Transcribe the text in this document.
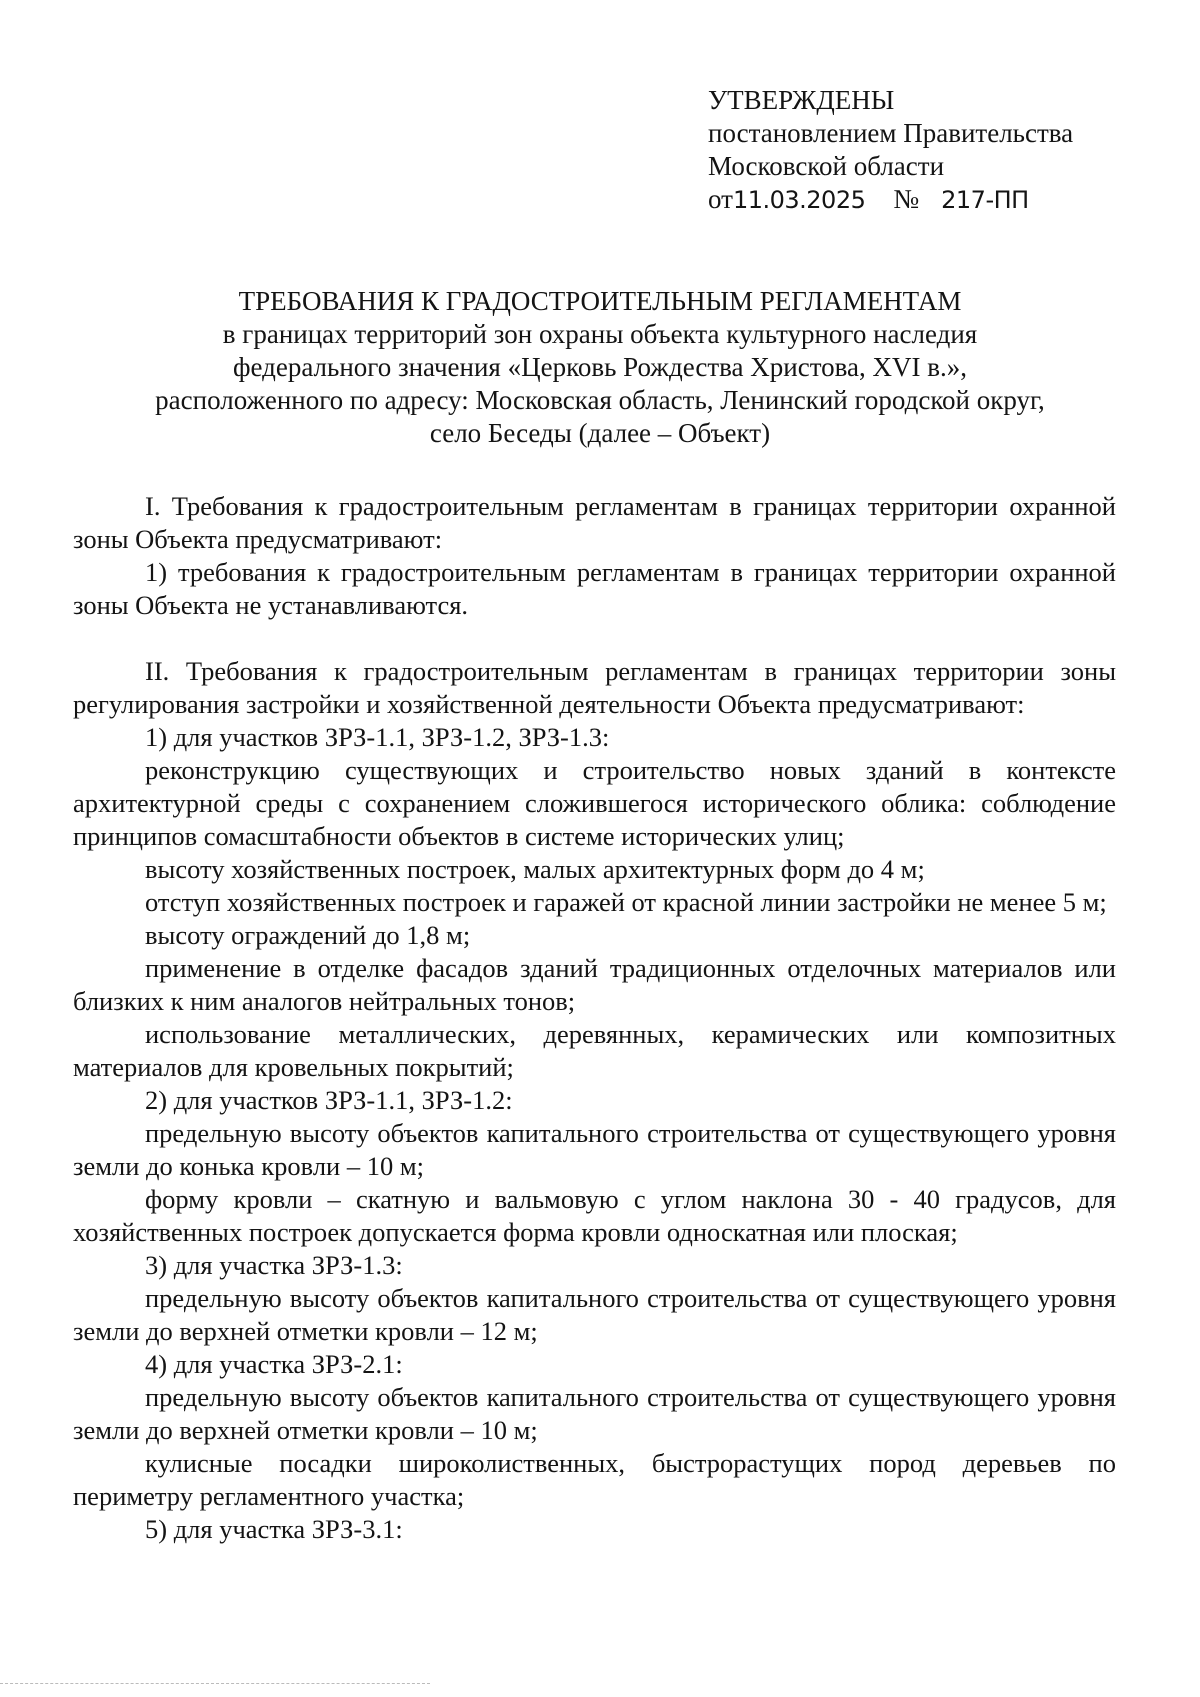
УТВЕРЖДЕНЫ
постановлением Правительства
Московской области
от11.03.2025 № 217-ПП
ТРЕБОВАНИЯ К ГРАДОСТРОИТЕЛЬНЫМ РЕГЛАМЕНТАМ
в границах территорий зон охраны объекта культурного наследия
федерального значения «Церковь Рождества Христова, XVI в.»,
расположенного по адресу: Московская область, Ленинский городской округ,
село Беседы (далее – Объект)

I. Требования к градостроительным регламентам в границах территории охранной зоны Объекта предусматривают:

1) требования к градостроительным регламентам в границах территории охранной зоны Объекта не устанавливаются.

II. Требования к градостроительным регламентам в границах территории зоны регулирования застройки и хозяйственной деятельности Объекта предусматривают:

1) для участков ЗРЗ-1.1, ЗРЗ-1.2, ЗРЗ-1.3:

реконструкцию существующих и строительство новых зданий в контексте архитектурной среды с сохранением сложившегося исторического облика: соблюдение принципов сомасштабности объектов в системе исторических улиц;

высоту хозяйственных построек, малых архитектурных форм до 4 м;

отступ хозяйственных построек и гаражей от красной линии застройки не менее 5 м;

высоту ограждений до 1,8 м;

применение в отделке фасадов зданий традиционных отделочных материалов или близких к ним аналогов нейтральных тонов;

использование металлических, деревянных, керамических или композитных материалов для кровельных покрытий;

2) для участков ЗРЗ-1.1, ЗРЗ-1.2:

предельную высоту объектов капитального строительства от существующего уровня земли до конька кровли – 10 м;

форму кровли – скатную и вальмовую с углом наклона 30 - 40 градусов, для хозяйственных построек допускается форма кровли односкатная или плоская;

3) для участка ЗРЗ-1.3:

предельную высоту объектов капитального строительства от существующего уровня земли до верхней отметки кровли – 12 м;

4) для участка ЗРЗ-2.1:

предельную высоту объектов капитального строительства от существующего уровня земли до верхней отметки кровли – 10 м;

кулисные посадки широколиственных, быстрорастущих пород деревьев по периметру регламентного участка;

5) для участка ЗРЗ-3.1:
